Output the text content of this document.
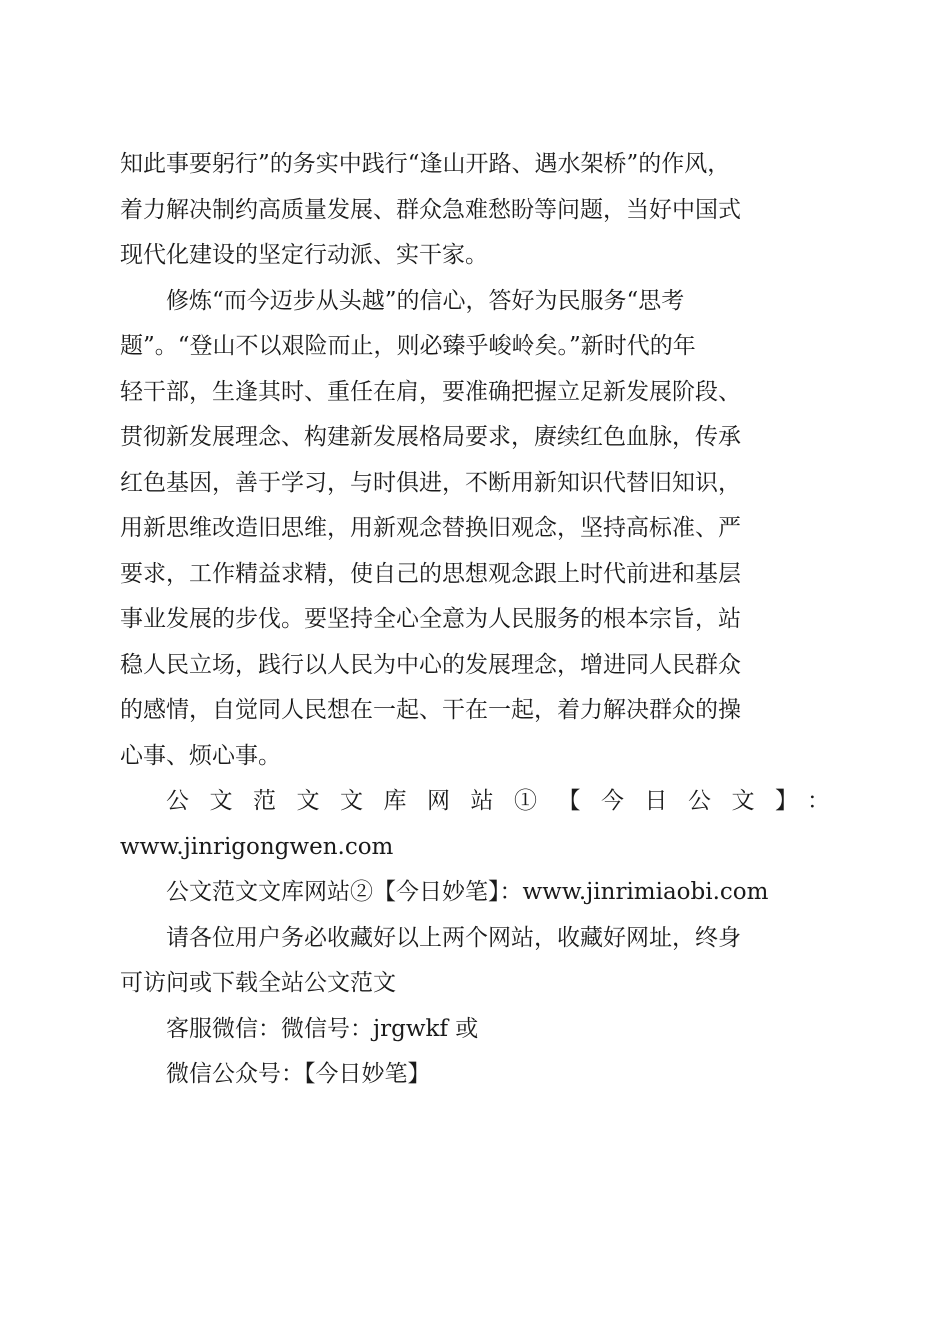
知此事要躬行”的务实中践行“逢山开路、遇水架桥”的作风，
着力解决制约高质量发展、群众急难愁盼等问题，当好中国式
现代化建设的坚定行动派、实干家。

修炼“而今迈步从头越”的信心，答好为民服务“思考
题”。“登山不以艰险而止，则必臻乎峻岭矣。”新时代的年
轻干部，生逢其时、重任在肩，要准确把握立足新发展阶段、
贯彻新发展理念、构建新发展格局要求，赓续红色血脉，传承
红色基因，善于学习，与时俱进，不断用新知识代替旧知识，
用新思维改造旧思维，用新观念替换旧观念，坚持高标准、严
要求，工作精益求精，使自己的思想观念跟上时代前进和基层
事业发展的步伐。要坚持全心全意为人民服务的根本宗旨，站
稳人民立场，践行以人民为中心的发展理念，增进同人民群众
的感情，自觉同人民想在一起、干在一起，着力解决群众的操
心事、烦心事。

公文范文文库网站①【今日公文】：
www.jinrigongwen.com

公文范文文库网站②【今日妙笔】：www.jinrimiaobi.com

请各位用户务必收藏好以上两个网站，收藏好网址，终身
可访问或下载全站公文范文

客服微信：微信号：jrgwkf 或

微信公众号：【今日妙笔】
